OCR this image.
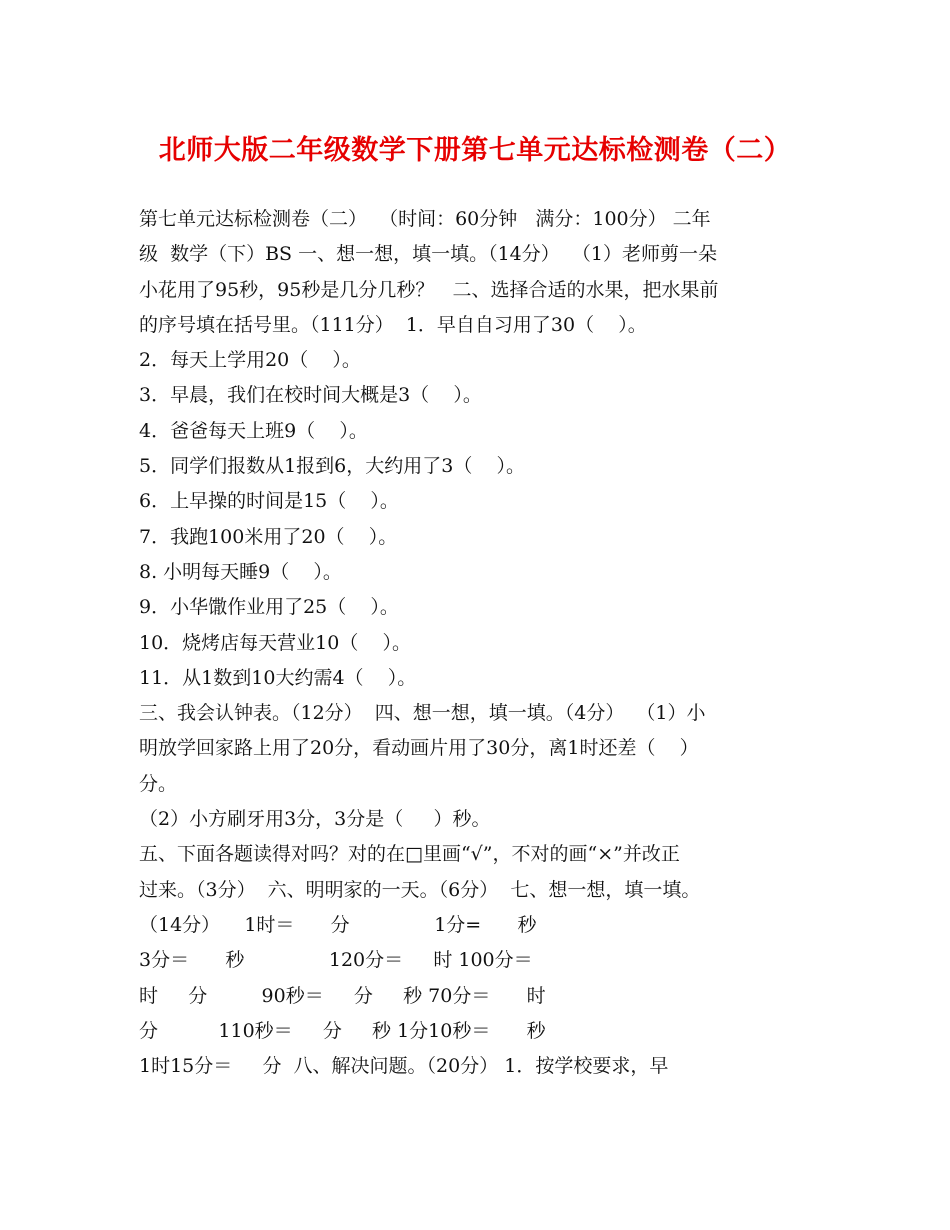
北师大版二年级数学下册第七单元达标检测卷（二）
第七单元达标检测卷（二）  （时间：60分钟   满分：100分） 二年
级  数学（下）BS 一、想一想，填一填。（14分）  （1）老师剪一朵
小花用了95秒，95秒是几分几秒？   二、选择合适的水果，把水果前
的序号填在括号里。（111分）  1．早自自习用了30（    ）。
2．每天上学用20（    ）。
3．早晨，我们在校时间大概是3（    ）。
4．爸爸每天上班9（    ）。
5．同学们报数从1报到6，大约用了3（    ）。
6．上早操的时间是15（    ）。
7．我跑100米用了20（    ）。
8. 小明每天睡9（    ）。
9．小华馓作业用了25（    ）。
10．烧烤店每天营业10（    ）。
11．从1数到10大约需4（    ）。
三、我会认钟表。（12分）  四、想一想，填一填。（4分）  （1）小
明放学回家路上用了20分，看动画片用了30分，离1时还差（    ）
分。
（2）小方刷牙用3分，3分是（     ）秒。
五、下面各题读得对吗？对的在□里画“√”，不对的画“×”并改正
过来。（3分）  六、明明家的一天。（6分）  七、想一想，填一填。
（14分）    1时＝      分              1分=      秒
3分＝      秒              120分＝     时 100分＝
时     分         90秒＝     分     秒 70分＝      时
分          110秒＝     分     秒 1分10秒＝      秒
1时15分＝     分  八、解决问题。（20分） 1．按学校要求，早
